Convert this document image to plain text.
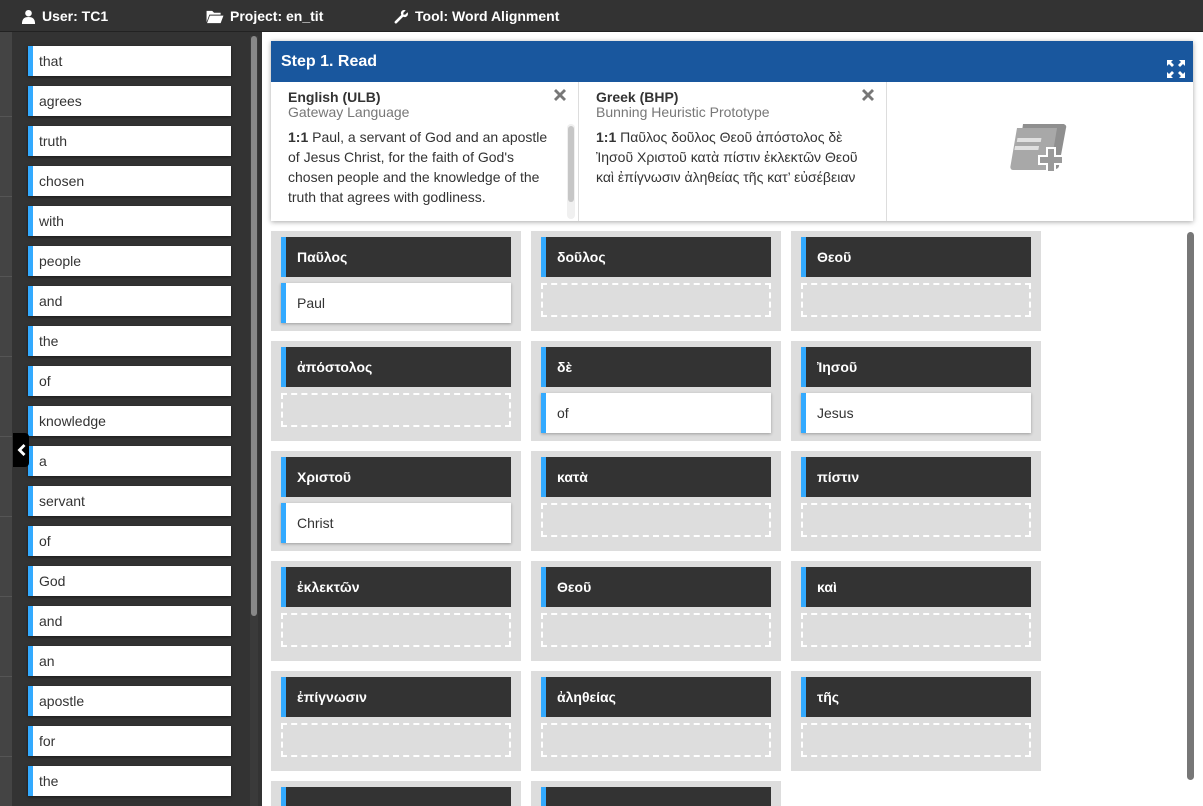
User: TC1	Project: en_tit	Tool: Word Alignment
that
agrees
truth
chosen
with
people
and
the
of
knowledge
a
servant
of
God
and
an
apostle
for
the
Step 1. Read
English (ULB)
Gateway Language
1:1 Paul, a servant of God and an apostle of Jesus Christ, for the faith of God's chosen people and the knowledge of the truth that agrees with godliness.
Greek (BHP)
Bunning Heuristic Prototype
1:1 Παῦλος δοῦλος Θεοῦ ἀπόστολος δὲ Ἰησοῦ Χριστοῦ κατὰ πίστιν ἐκλεκτῶν Θεοῦ καὶ ἐπίγνωσιν ἀληθείας τῆς κατ’ εὐσέβειαν
Παῦλος
Paul
δοῦλος	Θεοῦ
ἀπόστολος	δὲ
of
Ἰησοῦ
Jesus
Χριστοῦ
Christ
κατὰ	πίστιν
ἐκλεκτῶν	Θεοῦ	καὶ
ἐπίγνωσιν	ἀληθείας	τῆς
